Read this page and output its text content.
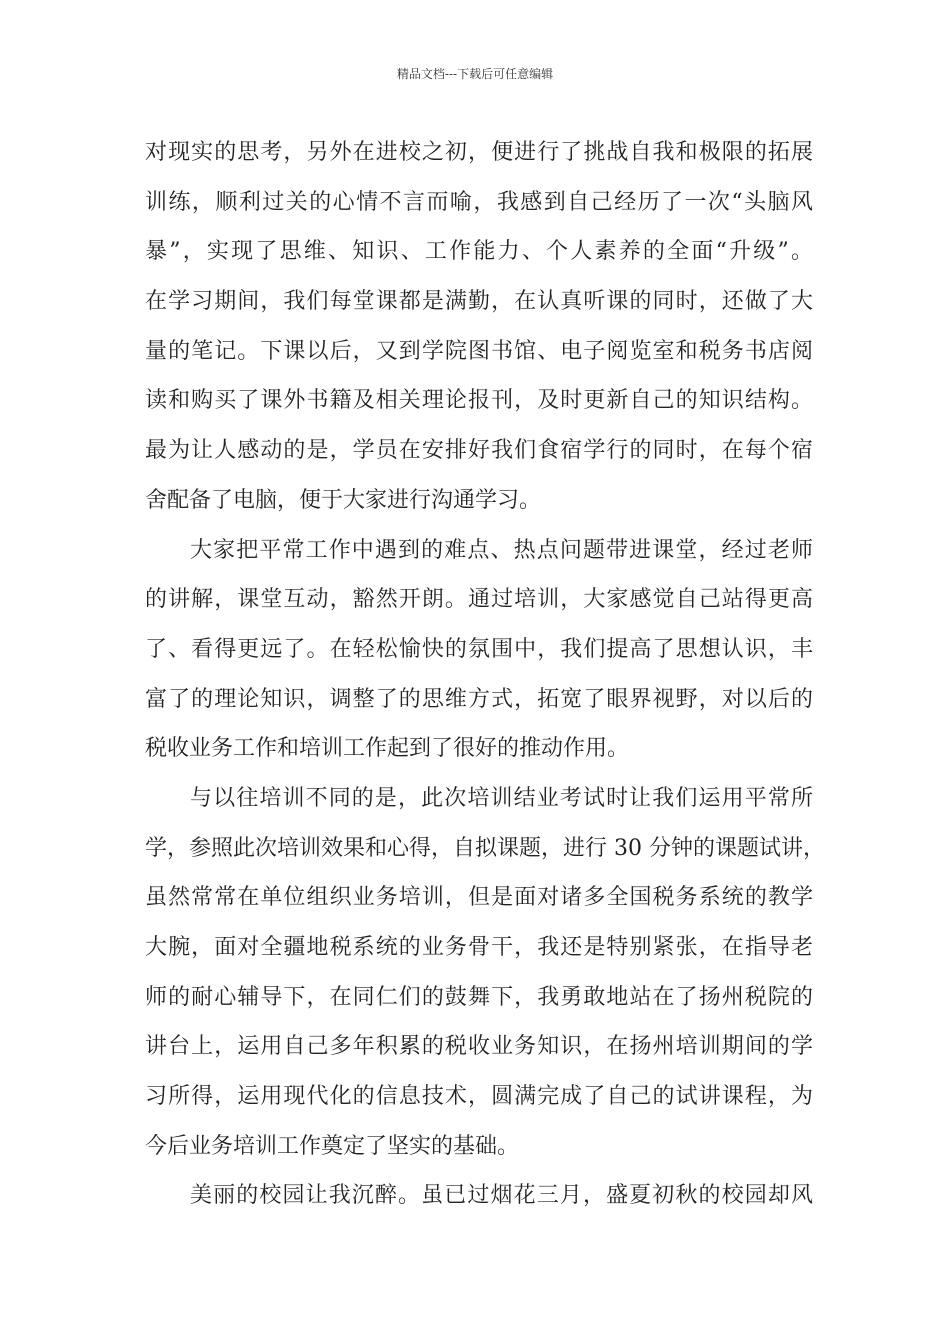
精品文档---下载后可任意编辑
对现实的思考，另外在进校之初，便进行了挑战自我和极限的拓展
训练，顺利过关的心情不言而喻，我感到自己经历了一次“头脑风
暴”，实现了思维、知识、工作能力、个人素养的全面“升级”。
在学习期间，我们每堂课都是满勤，在认真听课的同时，还做了大
量的笔记。下课以后，又到学院图书馆、电子阅览室和税务书店阅
读和购买了课外书籍及相关理论报刊，及时更新自己的知识结构。
最为让人感动的是，学员在安排好我们食宿学行的同时，在每个宿
舍配备了电脑，便于大家进行沟通学习。
大家把平常工作中遇到的难点、热点问题带进课堂，经过老师
的讲解，课堂互动，豁然开朗。通过培训，大家感觉自己站得更高
了、看得更远了。在轻松愉快的氛围中，我们提高了思想认识，丰
富了的理论知识，调整了的思维方式，拓宽了眼界视野，对以后的
税收业务工作和培训工作起到了很好的推动作用。
与以往培训不同的是，此次培训结业考试时让我们运用平常所
学，参照此次培训效果和心得，自拟课题，进行 30 分钟的课题试讲，
虽然常常在单位组织业务培训，但是面对诸多全国税务系统的教学
大腕，面对全疆地税系统的业务骨干，我还是特别紧张，在指导老
师的耐心辅导下，在同仁们的鼓舞下，我勇敢地站在了扬州税院的
讲台上，运用自己多年积累的税收业务知识，在扬州培训期间的学
习所得，运用现代化的信息技术，圆满完成了自己的试讲课程，为
今后业务培训工作奠定了坚实的基础。
美丽的校园让我沉醉。虽已过烟花三月，盛夏初秋的校园却风
